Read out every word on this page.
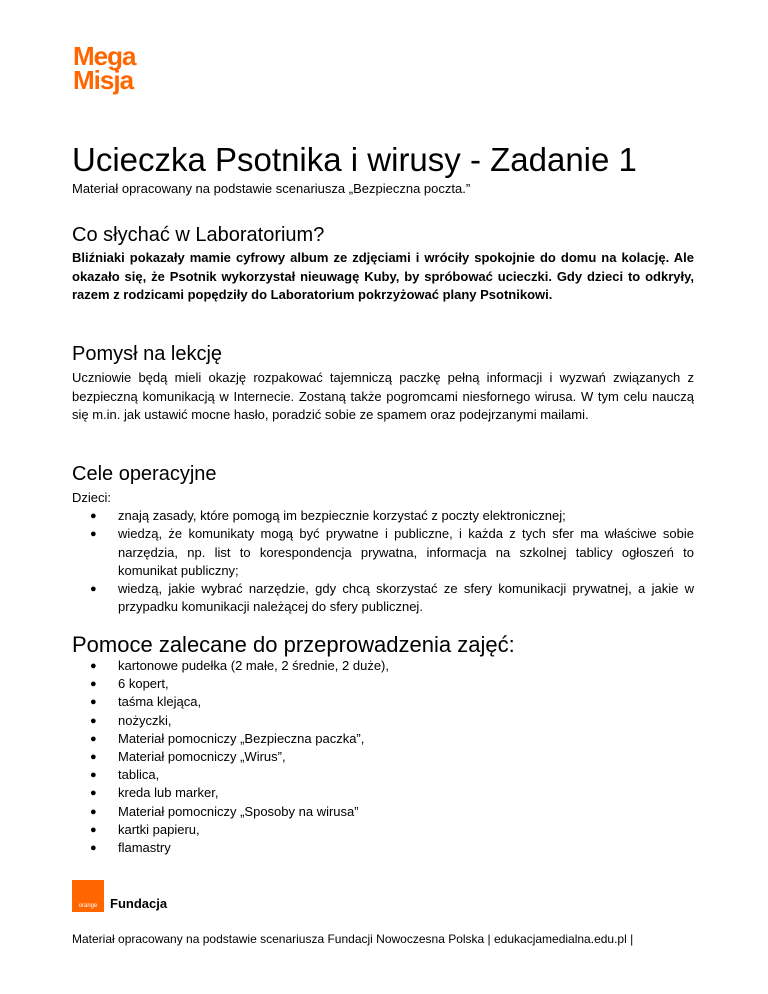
Mega
Misja
Ucieczka Psotnika i wirusy - Zadanie 1

Materiał opracowany na podstawie scenariusza „Bezpieczna poczta.”

Co słychać w Laboratorium?

Bliźniaki pokazały mamie cyfrowy album ze zdjęciami i wróciły spokojnie do domu na kolację. Ale okazało się, że Psotnik wykorzystał nieuwagę Kuby, by spróbować ucieczki. Gdy dzieci to odkryły, razem z rodzicami popędziły do Laboratorium pokrzyżować plany Psotnikowi.

Pomysł na lekcję

Uczniowie będą mieli okazję rozpakować tajemniczą paczkę pełną informacji i wyzwań związanych z bezpieczną komunikacją w Internecie. Zostaną także pogromcami niesfornego wirusa. W tym celu nauczą się m.in. jak ustawić mocne hasło, poradzić sobie ze spamem oraz podejrzanymi mailami.

Cele operacyjne

Dzieci:

● znają zasady, które pomogą im bezpiecznie korzystać z poczty elektronicznej;
● wiedzą, że komunikaty mogą być prywatne i publiczne, i każda z tych sfer ma właściwe sobie narzędzia, np. list to korespondencja prywatna, informacja na szkolnej tablicy ogłoszeń to komunikat publiczny;
● wiedzą, jakie wybrać narzędzie, gdy chcą skorzystać ze sfery komunikacji prywatnej, a jakie w przypadku komunikacji należącej do sfery publicznej.
Pomoce zalecane do przeprowadzenia zajęć:
● kartonowe pudełka (2 małe, 2 średnie, 2 duże),
● 6 kopert,
● taśma klejąca,
● nożyczki,
● Materiał pomocniczy „Bezpieczna paczka”,
● Materiał pomocniczy „Wirus”,
● tablica,
● kreda lub marker,
● Materiał pomocniczy „Sposoby na wirusa”
● kartki papieru,
● flamastry
orange Fundacja

Materiał opracowany na podstawie scenariusza Fundacji Nowoczesna Polska | edukacjamedialna.edu.pl |
